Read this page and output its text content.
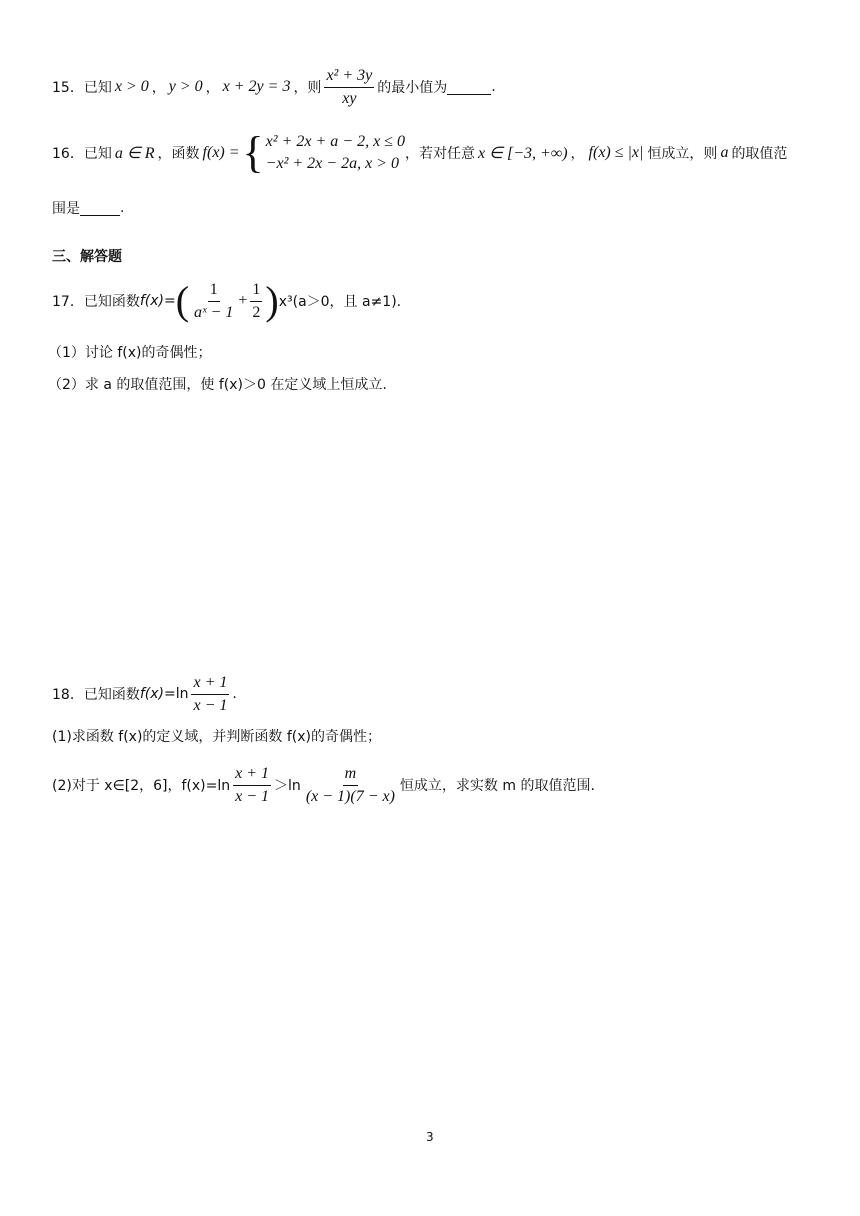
15． 已知 x > 0 ， y > 0 ， x + 2y = 3 ，则 $\frac{\text{x² + 3y}}{xy}$ 的最小值为	.
16． 已知 a ∈ R ，函数 f(x) = { x² + 2x + a − 2, x ≤ 0
−x² + 2x − 2a, x > 0
，若对任意 x ∈ [−3, +∞) ， f(x) ≤ |x| 恒成立，则 a 的取值范
围是	.
三、解答题
17． 已知函数 f(x) = ( $\frac{1}{\text{aˣ − 1}} + \frac{1}{2}$ ) x³(a＞0，且 a≠1).
（1）讨论 f(x)的奇偶性；
（2）求 a 的取值范围，使 f(x)＞0 在定义域上恒成立.
18． 已知函数 $f(x) =\ln \frac{x + 1}{x - 1}$ .
(1)求函数 f(x)的定义域，并判断函数 f(x)的奇偶性；
(2)对于 x∈[2，6]，$f(x)=\ln \frac{x + 1}{x - 1} >\ln \frac{m}{(x - 1)(7 - x)}$ 恒成立，求实数 m 的取值范围.
3
